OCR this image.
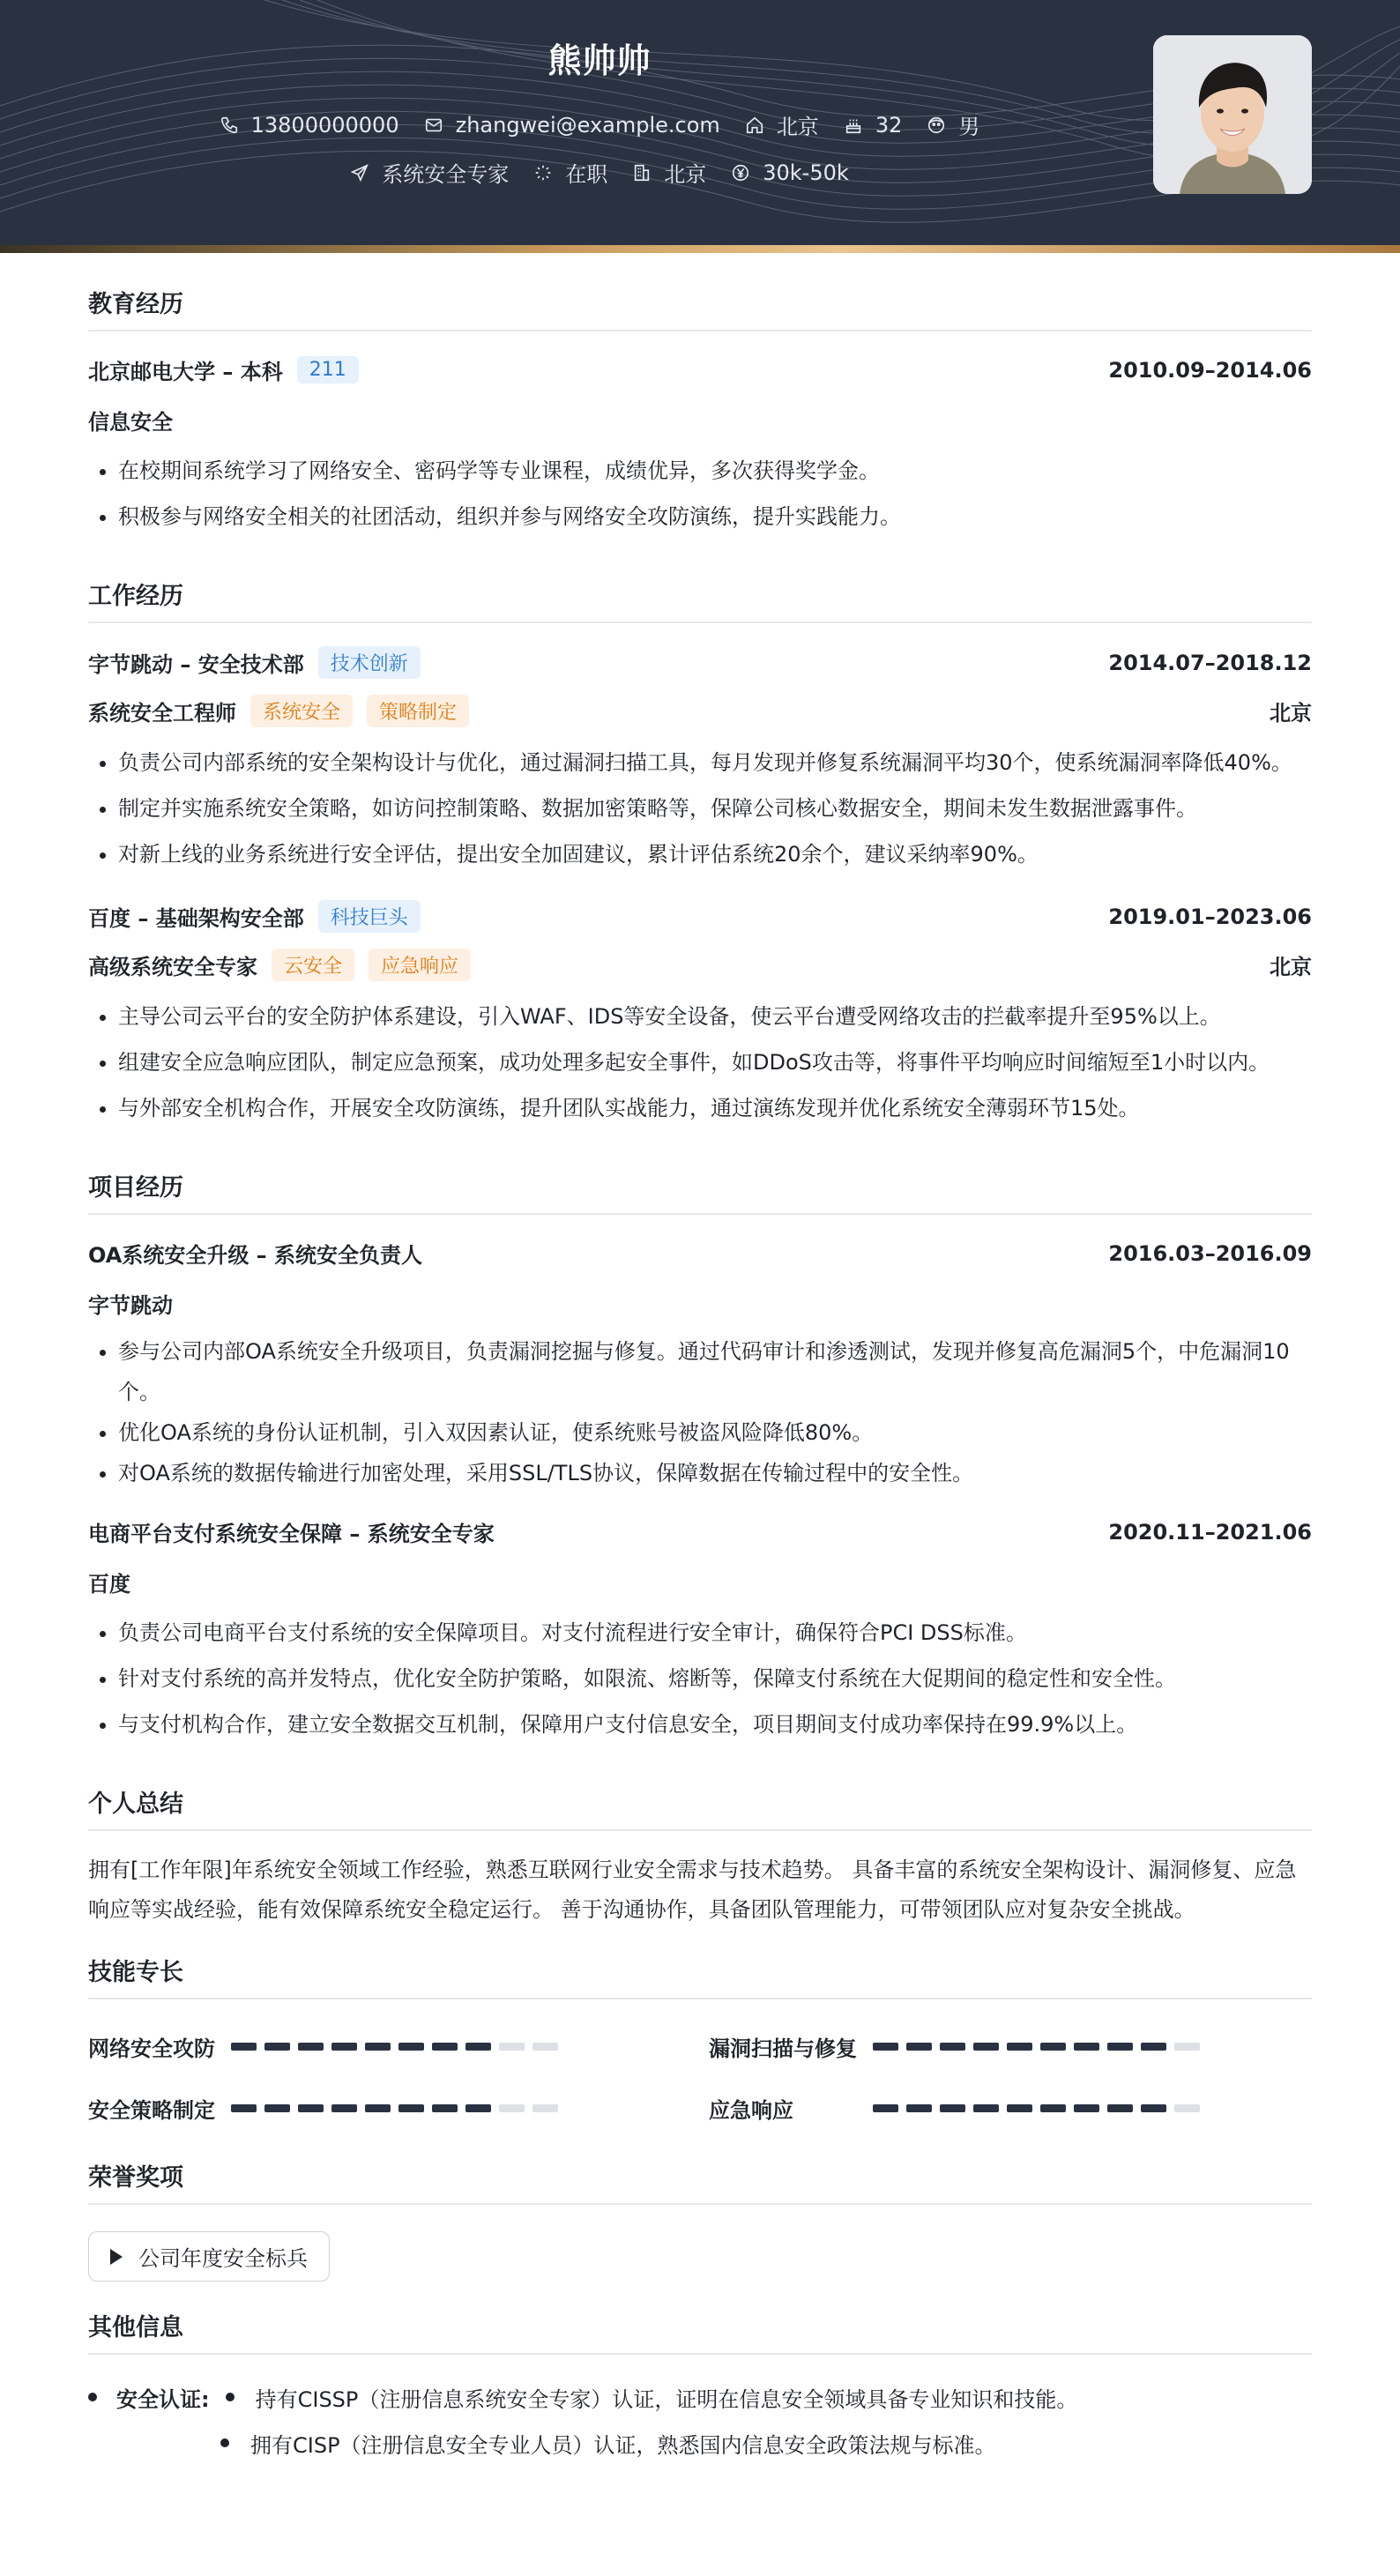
熊帅帅
13800000000	zhangwei@example.com	北京	32	男
系统安全专家	在职	北京	30k-50k
教育经历
北京邮电大学 – 本科	211	2010.09–2014.06
信息安全
• 在校期间系统学习了网络安全、密码学等专业课程，成绩优异，多次获得奖学金。
• 积极参与网络安全相关的社团活动，组织并参与网络安全攻防演练，提升实践能力。
工作经历
字节跳动 – 安全技术部	技术创新	2014.07–2018.12
系统安全工程师	系统安全	策略制定	北京
• 负责公司内部系统的安全架构设计与优化，通过漏洞扫描工具，每月发现并修复系统漏洞平均30个，使系统漏洞率降低40%。
• 制定并实施系统安全策略，如访问控制策略、数据加密策略等，保障公司核心数据安全，期间未发生数据泄露事件。
• 对新上线的业务系统进行安全评估，提出安全加固建议，累计评估系统20余个，建议采纳率90%。
百度 – 基础架构安全部	科技巨头	2019.01–2023.06
高级系统安全专家	云安全	应急响应	北京
• 主导公司云平台的安全防护体系建设，引入WAF、IDS等安全设备，使云平台遭受网络攻击的拦截率提升至95%以上。
• 组建安全应急响应团队，制定应急预案，成功处理多起安全事件，如DDoS攻击等，将事件平均响应时间缩短至1小时以内。
• 与外部安全机构合作，开展安全攻防演练，提升团队实战能力，通过演练发现并优化系统安全薄弱环节15处。
项目经历
OA系统安全升级 – 系统安全负责人	2016.03–2016.09
字节跳动
• 参与公司内部OA系统安全升级项目，负责漏洞挖掘与修复。通过代码审计和渗透测试，发现并修复高危漏洞5个，中危漏洞10个。
• 优化OA系统的身份认证机制，引入双因素认证，使系统账号被盗风险降低80%。
• 对OA系统的数据传输进行加密处理，采用SSL/TLS协议，保障数据在传输过程中的安全性。
电商平台支付系统安全保障 – 系统安全专家	2020.11–2021.06
百度
• 负责公司电商平台支付系统的安全保障项目。对支付流程进行安全审计，确保符合PCI DSS标准。
• 针对支付系统的高并发特点，优化安全防护策略，如限流、熔断等，保障支付系统在大促期间的稳定性和安全性。
• 与支付机构合作，建立安全数据交互机制，保障用户支付信息安全，项目期间支付成功率保持在99.9%以上。
个人总结
拥有[工作年限]年系统安全领域工作经验，熟悉互联网行业安全需求与技术趋势。 具备丰富的系统安全架构设计、漏洞修复、应急响应等实战经验，能有效保障系统安全稳定运行。 善于沟通协作，具备团队管理能力，可带领团队应对复杂安全挑战。
技能专长
网络安全攻防	漏洞扫描与修复
安全策略制定	应急响应
荣誉奖项
公司年度安全标兵
其他信息
安全认证: 持有CISSP（注册信息系统安全专家）认证，证明在信息安全领域具备专业知识和技能。
拥有CISP（注册信息安全专业人员）认证，熟悉国内信息安全政策法规与标准。
